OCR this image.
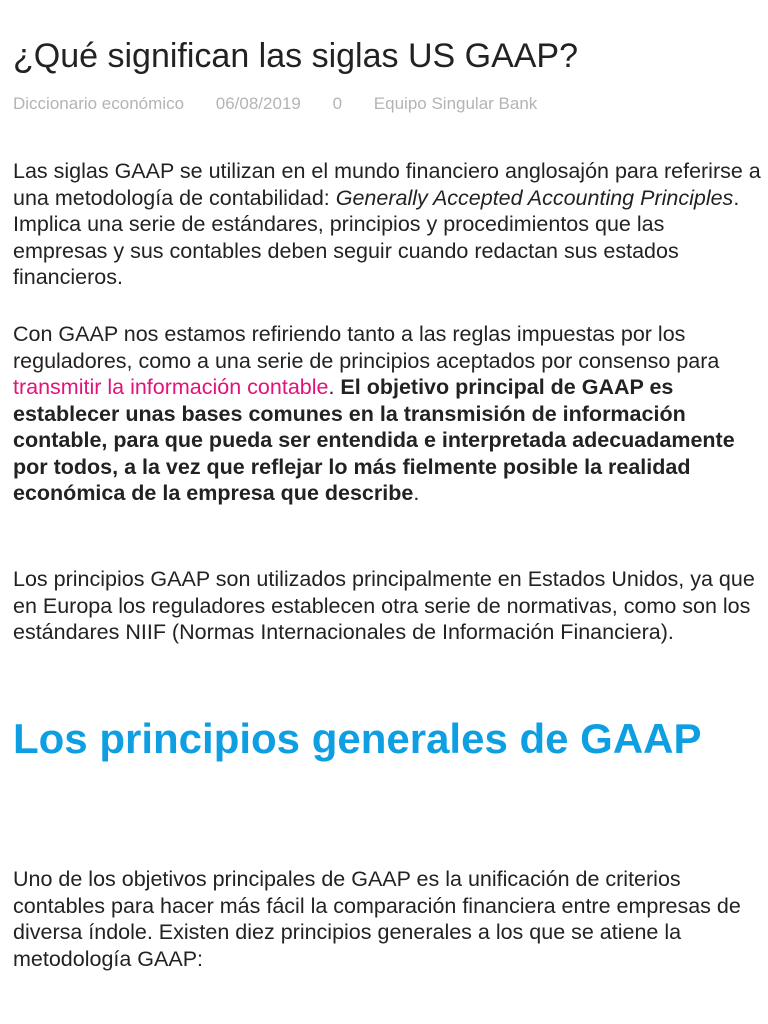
¿Qué significan las siglas US GAAP?
Diccionario económico 06/08/2019 0 Equipo Singular Bank

Las siglas GAAP se utilizan en el mundo financiero anglosajón para referirse a una metodología de contabilidad: Generally Accepted Accounting Principles. Implica una serie de estándares, principios y procedimientos que las empresas y sus contables deben seguir cuando redactan sus estados financieros.

Con GAAP nos estamos refiriendo tanto a las reglas impuestas por los reguladores, como a una serie de principios aceptados por consenso para transmitir la información contable. El objetivo principal de GAAP es establecer unas bases comunes en la transmisión de información contable, para que pueda ser entendida e interpretada adecuadamente por todos, a la vez que reflejar lo más fielmente posible la realidad económica de la empresa que describe.

Los principios GAAP son utilizados principalmente en Estados Unidos, ya que en Europa los reguladores establecen otra serie de normativas, como son los estándares NIIF (Normas Internacionales de Información Financiera).

Los principios generales de GAAP

Uno de los objetivos principales de GAAP es la unificación de criterios contables para hacer más fácil la comparación financiera entre empresas de diversa índole. Existen diez principios generales a los que se atiene la metodología GAAP:
